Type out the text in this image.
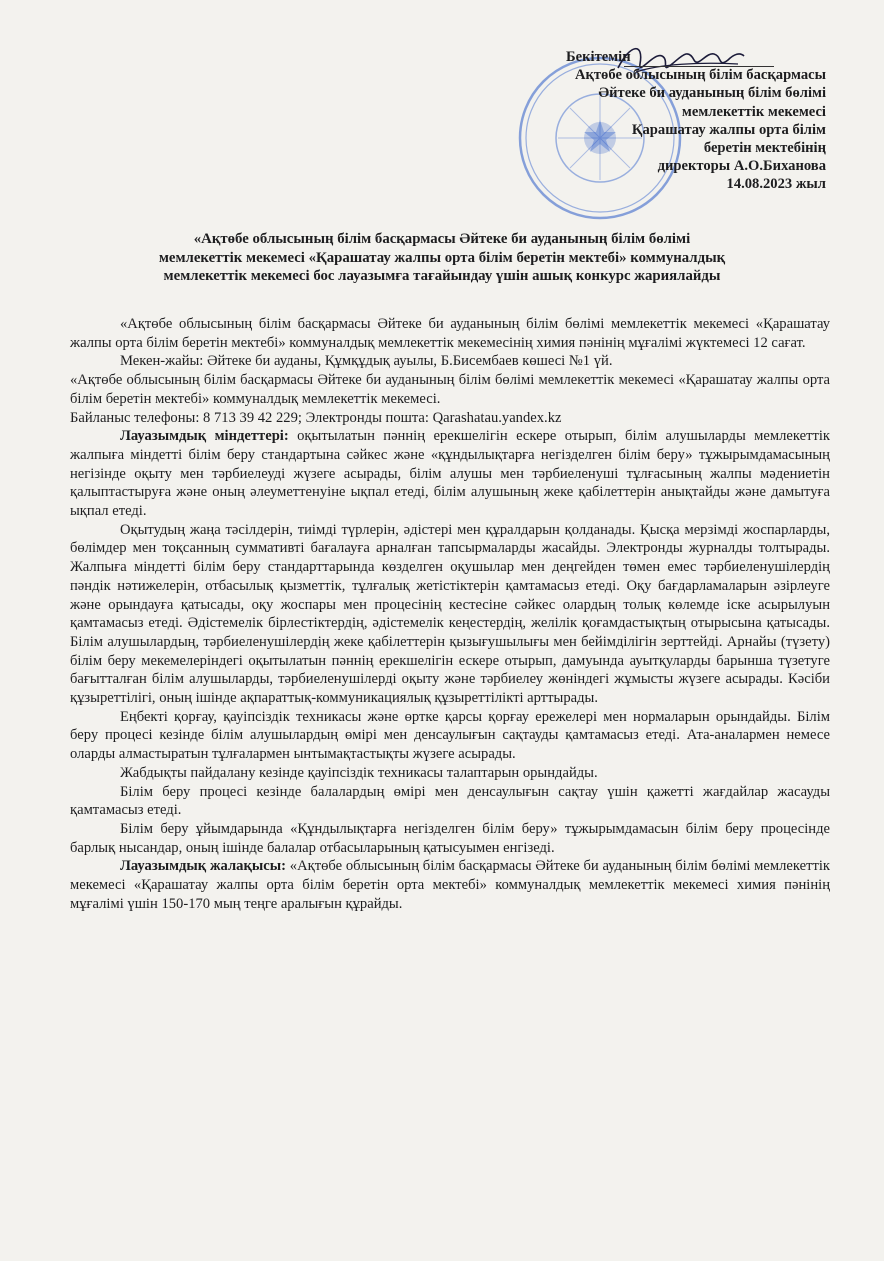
Бекітемін
Ақтөбе облысының білім басқармасы
Әйтеке би ауданының білім бөлімі
мемлекеттік мекемесі
Қарашатау жалпы орта білім
беретін мектебінің
директоры А.О.Биханова
14.08.2023 жыл
«Ақтөбе облысының білім басқармасы Әйтеке би ауданының білім бөлімі
мемлекеттік мекемесі «Қарашатау жалпы орта білім беретін мектебі» коммуналдық
мемлекеттік мекемесі бос лауазымға тағайындау үшін ашық конкурс жариялайды

«Ақтөбе облысының білім басқармасы Әйтеке би ауданының білім бөлімі мемлекеттік мекемесі «Қарашатау жалпы орта білім беретін мектебі» коммуналдық мемлекеттік мекемесінің химия пәнінің мұғалімі жүктемесі 12 сағат.

Мекен-жайы: Әйтеке би ауданы, Құмқұдық ауылы, Б.Бисембаев көшесі №1 үй.

«Ақтөбе облысының білім басқармасы Әйтеке би ауданының білім бөлімі мемлекеттік мекемесі «Қарашатау жалпы орта білім беретін мектебі» коммуналдық мемлекеттік мекемесі.

Байланыс телефоны: 8 713 39 42 229; Электронды пошта: Qarashatau.yandex.kz

Лауазымдық міндеттері: оқытылатын пәннің ерекшелігін ескере отырып, білім алушыларды мемлекеттік жалпыға міндетті білім беру стандартына сәйкес және «құндылықтарға негізделген білім беру» тұжырымдамасының негізінде оқыту мен тәрбиелеуді жүзеге асырады, білім алушы мен тәрбиеленуші тұлғасының жалпы мәдениетін қалыптастыруға және оның әлеуметтенуіне ықпал етеді, білім алушының жеке қабілеттерін анықтайды және дамытуға ықпал етеді.

Оқытудың жаңа тәсілдерін, тиімді түрлерін, әдістері мен құралдарын қолданады. Қысқа мерзімді жоспарларды, бөлімдер мен тоқсанның суммативті бағалауға арналған тапсырмаларды жасайды. Электронды журналды толтырады. Жалпыға міндетті білім беру стандарттарында көзделген оқушылар мен деңгейден төмен емес тәрбиеленушілердің пәндік нәтижелерін, отбасылық қызметтік, тұлғалық жетістіктерін қамтамасыз етеді. Оқу бағдарламаларын әзірлеуге және орындауға қатысады, оқу жоспары мен процесінің кестесіне сәйкес олардың толық көлемде іске асырылуын қамтамасыз етеді. Әдістемелік бірлестіктердің, әдістемелік кеңестердің, желілік қоғамдастықтың отырысына қатысады. Білім алушылардың, тәрбиеленушілердің жеке қабілеттерін қызығушылығы мен бейімділігін зерттейді. Арнайы (түзету) білім беру мекемелеріндегі оқытылатын пәннің ерекшелігін ескере отырып, дамуында ауытқуларды барынша түзетуге бағытталған білім алушыларды, тәрбиеленушілерді оқыту және тәрбиелеу жөніндегі жұмысты жүзеге асырады. Кәсіби құзыреттілігі, оның ішінде ақпараттық-коммуникациялық құзыреттілікті арттырады.

Еңбекті қорғау, қауіпсіздік техникасы және өртке қарсы қорғау ережелері мен нормаларын орындайды. Білім беру процесі кезінде білім алушылардың өмірі мен денсаулығын сақтауды қамтамасыз етеді. Ата-аналармен немесе оларды алмастыратын тұлғалармен ынтымақтастықты жүзеге асырады.

Жабдықты пайдалану кезінде қауіпсіздік техникасы талаптарын орындайды.

Білім беру процесі кезінде балалардың өмірі мен денсаулығын сақтау үшін қажетті жағдайлар жасауды қамтамасыз етеді.

Білім беру ұйымдарында «Құндылықтарға негізделген білім беру» тұжырымдамасын білім беру процесінде барлық нысандар, оның ішінде балалар отбасыларының қатысуымен енгізеді.

Лауазымдық жалақысы: «Ақтөбе облысының білім басқармасы Әйтеке би ауданының білім бөлімі мемлекеттік мекемесі «Қарашатау жалпы орта білім беретін орта мектебі» коммуналдық мемлекеттік мекемесі химия пәнінің мұғалімі үшін 150-170 мың теңге аралығын құрайды.
